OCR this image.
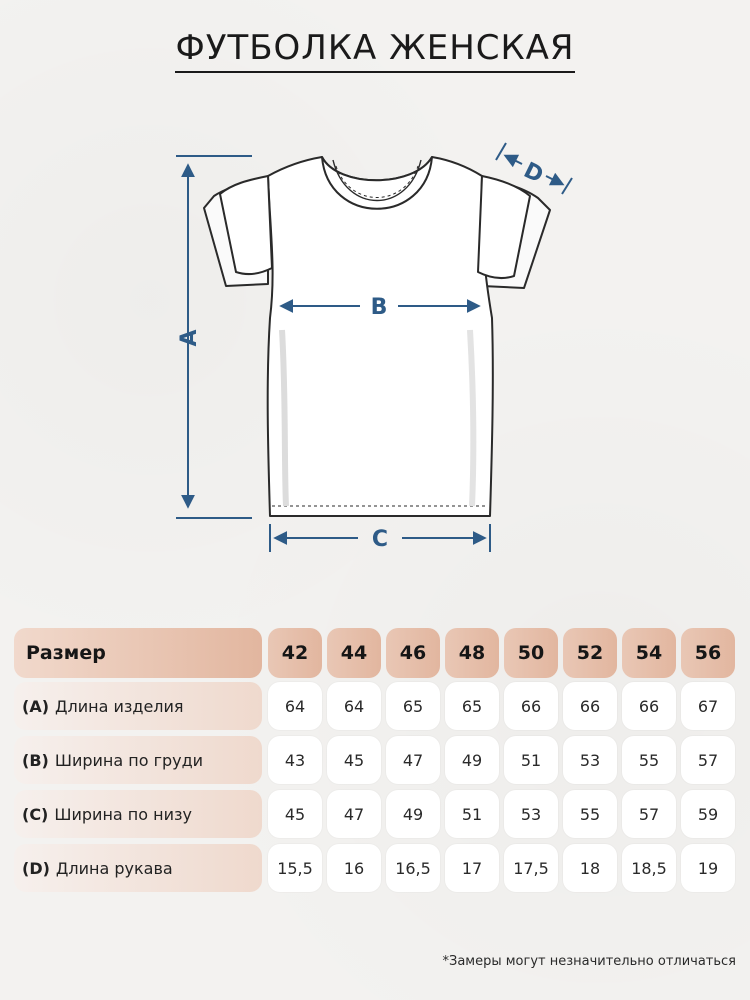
ФУТБОЛКА ЖЕНСКАЯ
A
B
C
D
Размер	42	44	46	48	50	52	54	56
(A) Длина изделия	64	64	65	65	66	66	66	67
(B) Ширина по груди	43	45	47	49	51	53	55	57
(C) Ширина по низу	45	47	49	51	53	55	57	59
(D) Длина рукава	15,5	16	16,5	17	17,5	18	18,5	19
*Замеры могут незначительно отличаться
